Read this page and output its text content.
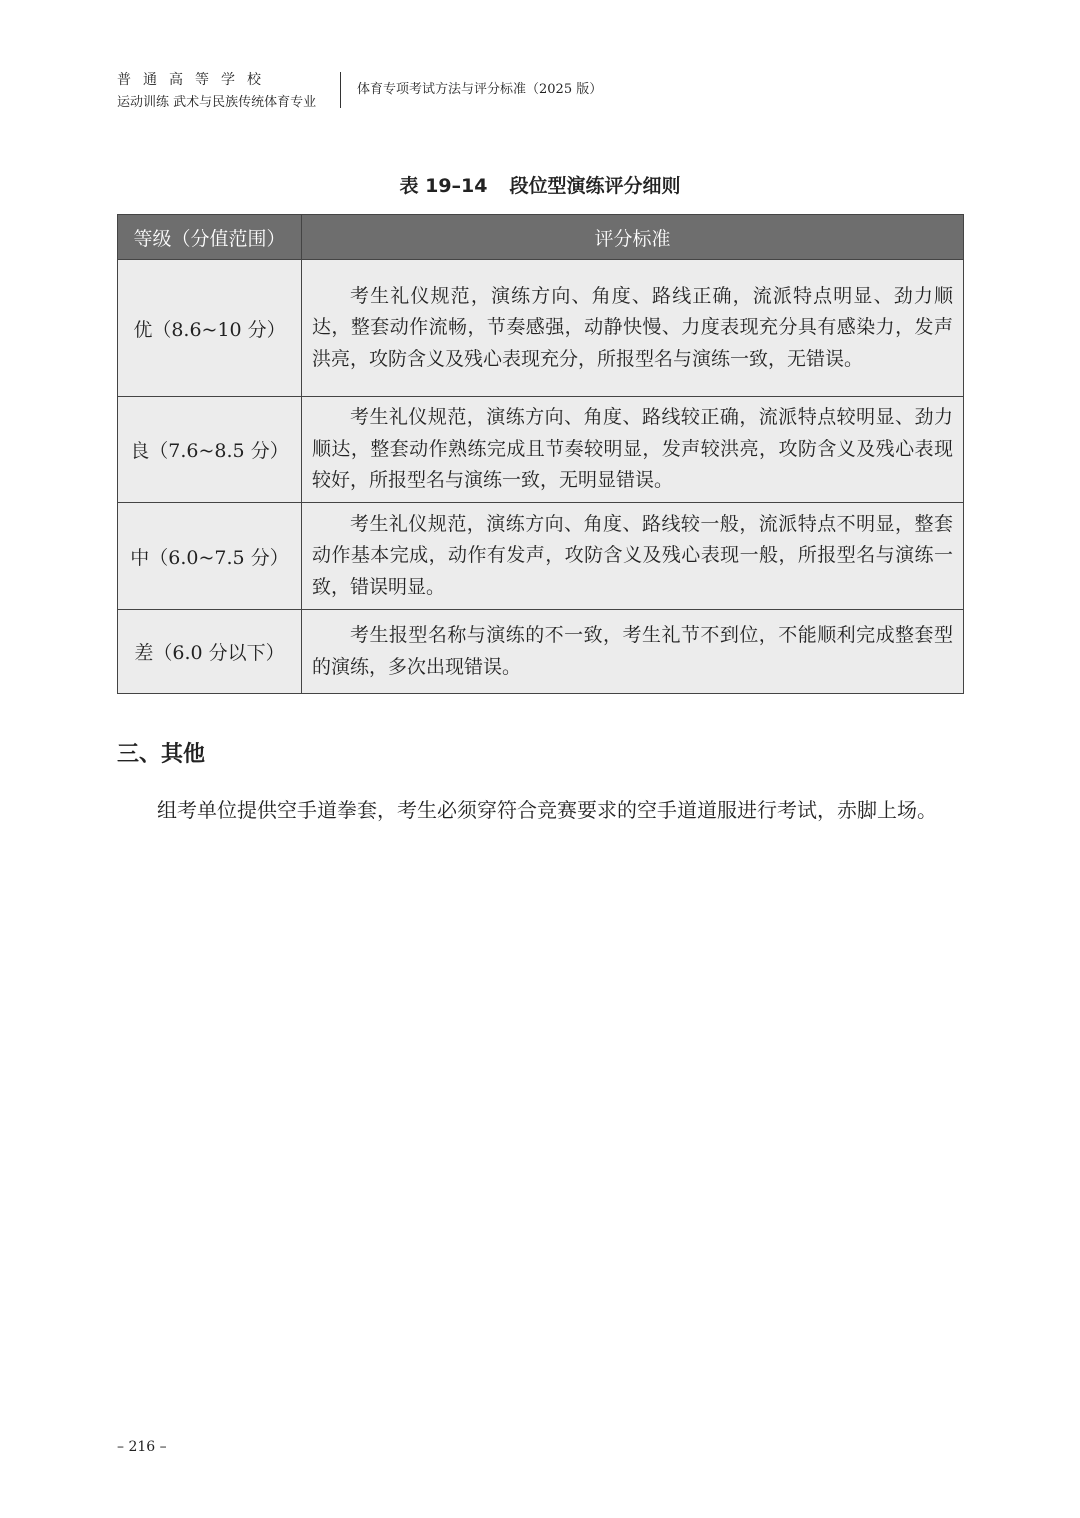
普通高等学校
运动训练 武术与民族传统体育专业
体育专项考试方法与评分标准（2025 版）
表 19–14 段位型演练评分细则
等级（分值范围）	评分标准
优（8.6~10 分）	考生礼仪规范，演练方向、角度、路线正确，流派特点明显、劲力顺达，整套动作流畅，节奏感强，动静快慢、力度表现充分具有感染力，发声洪亮，攻防含义及残心表现充分，所报型名与演练一致，无错误。
良（7.6~8.5 分）	考生礼仪规范，演练方向、角度、路线较正确，流派特点较明显、劲力顺达，整套动作熟练完成且节奏较明显，发声较洪亮，攻防含义及残心表现较好，所报型名与演练一致，无明显错误。
中（6.0~7.5 分）	考生礼仪规范，演练方向、角度、路线较一般，流派特点不明显，整套动作基本完成，动作有发声，攻防含义及残心表现一般，所报型名与演练一致，错误明显。
差（6.0 分以下）	考生报型名称与演练的不一致，考生礼节不到位，不能顺利完成整套型的演练，多次出现错误。
三、其他

组考单位提供空手道拳套，考生必须穿符合竞赛要求的空手道道服进行考试，赤脚上场。

– 216 –
